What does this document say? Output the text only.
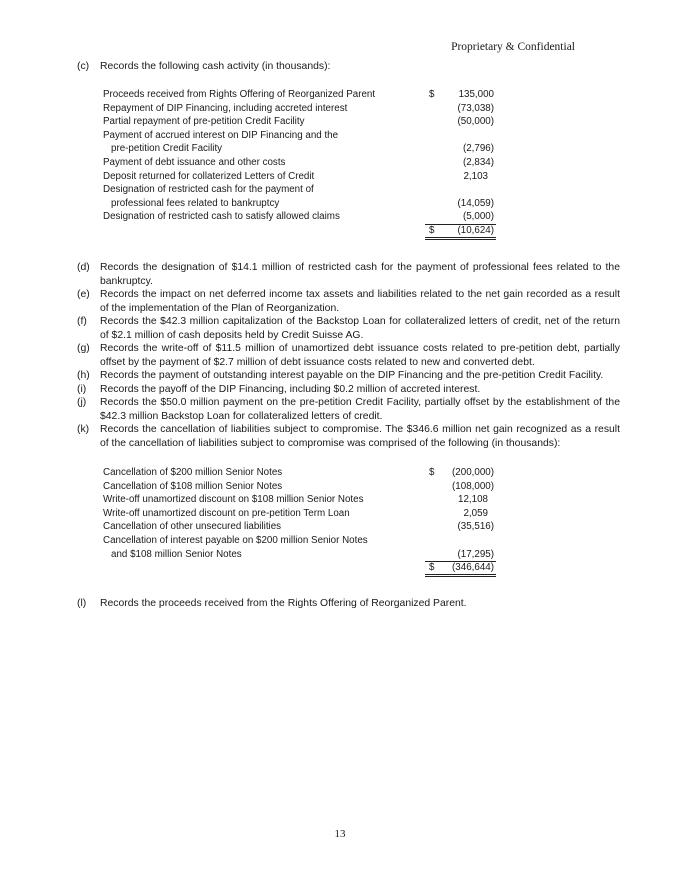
Proprietary & Confidential
(c) Records the following cash activity (in thousands):
Proceeds received from Rights Offering of Reorganized Parent	$ 135,000
Repayment of DIP Financing, including accreted interest	(73,038)
Partial repayment of pre-petition Credit Facility	(50,000)
Payment of accrued interest on DIP Financing and the
pre-petition Credit Facility	(2,796)
Payment of debt issuance and other costs	(2,834)
Deposit returned for collaterized Letters of Credit	2,103
Designation of restricted cash for the payment of
professional fees related to bankruptcy	(14,059)
Designation of restricted cash to satisfy allowed claims	(5,000)
$ (10,624)
(d) Records the designation of $14.1 million of restricted cash for the payment of professional fees related to the bankruptcy.
(e) Records the impact on net deferred income tax assets and liabilities related to the net gain recorded as a result of the implementation of the Plan of Reorganization.
(f) Records the $42.3 million capitalization of the Backstop Loan for collateralized letters of credit, net of the return of $2.1 million of cash deposits held by Credit Suisse AG.
(g) Records the write-off of $11.5 million of unamortized debt issuance costs related to pre-petition debt, partially offset by the payment of $2.7 million of debt issuance costs related to new and converted debt.
(h) Records the payment of outstanding interest payable on the DIP Financing and the pre-petition Credit Facility.
(i) Records the payoff of the DIP Financing, including $0.2 million of accreted interest.
(j) Records the $50.0 million payment on the pre-petition Credit Facility, partially offset by the establishment of the $42.3 million Backstop Loan for collateralized letters of credit.
(k) Records the cancellation of liabilities subject to compromise. The $346.6 million net gain recognized as a result of the cancellation of liabilities subject to compromise was comprised of the following (in thousands):
Cancellation of $200 million Senior Notes	$ (200,000)
Cancellation of $108 million Senior Notes	(108,000)
Write-off unamortized discount on $108 million Senior Notes	12,108
Write-off unamortized discount on pre-petition Term Loan	2,059
Cancellation of other unsecured liabilities	(35,516)
Cancellation of interest payable on $200 million Senior Notes
and $108 million Senior Notes	(17,295)
$ (346,644)
(l) Records the proceeds received from the Rights Offering of Reorganized Parent.
13
